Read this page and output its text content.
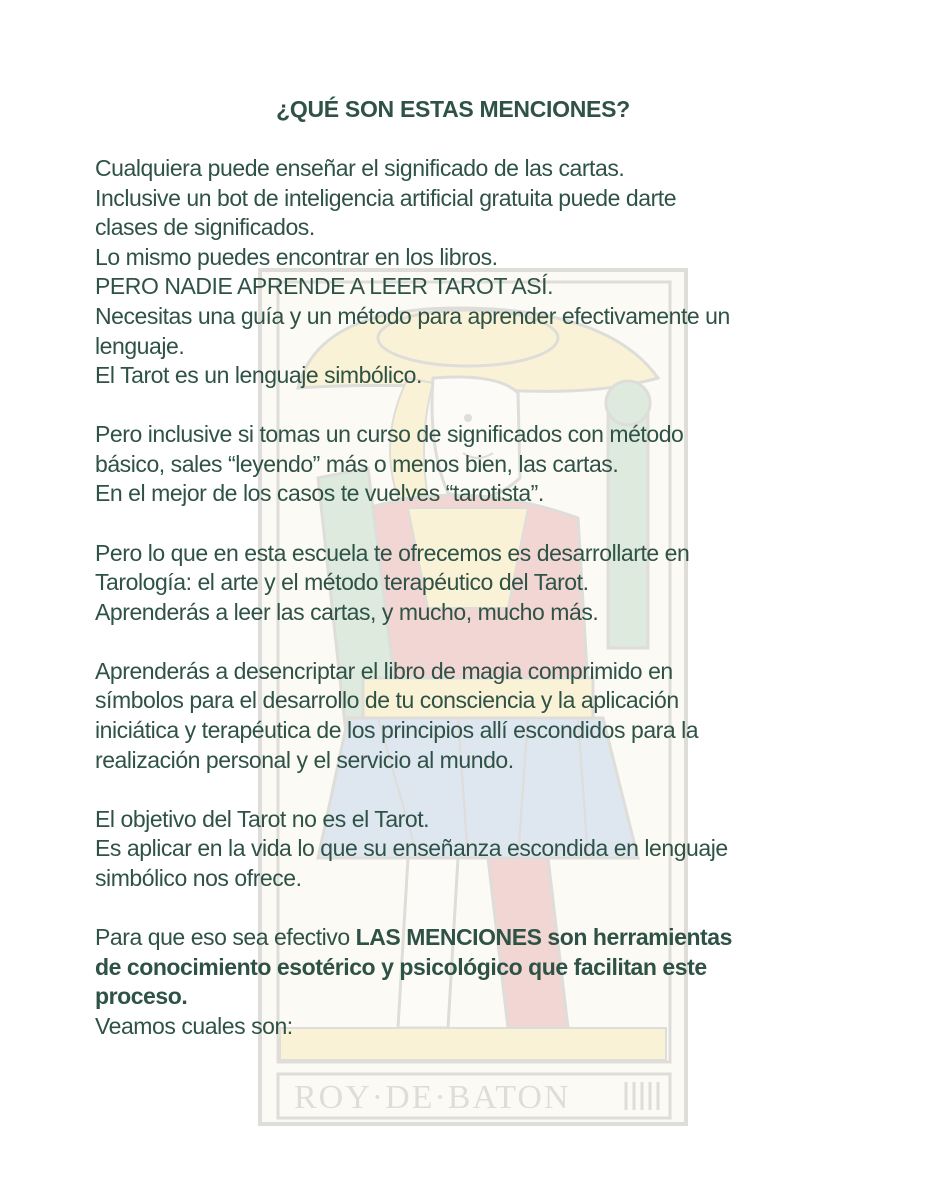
ROY·DE·BATON
¿QUÉ SON ESTAS MENCIONES?
Cualquiera puede enseñar el significado de las cartas.
Inclusive un bot de inteligencia artificial gratuita puede darte
clases de significados.
Lo mismo puedes encontrar en los libros.
PERO NADIE APRENDE A LEER TAROT ASÍ.
Necesitas una guía y un método para aprender efectivamente un
lenguaje.
El Tarot es un lenguaje simbólico.
Pero inclusive si tomas un curso de significados con método
básico, sales “leyendo” más o menos bien, las cartas.
En el mejor de los casos te vuelves “tarotista”.
Pero lo que en esta escuela te ofrecemos es desarrollarte en
Tarología: el arte y el método terapéutico del Tarot.
Aprenderás a leer las cartas, y mucho, mucho más.
Aprenderás a desencriptar el libro de magia comprimido en
símbolos para el desarrollo de tu consciencia y la aplicación
iniciática y terapéutica de los principios allí escondidos para la
realización personal y el servicio al mundo.
El objetivo del Tarot no es el Tarot.
Es aplicar en la vida lo que su enseñanza escondida en lenguaje
simbólico nos ofrece.
Para que eso sea efectivo LAS MENCIONES son herramientas
de conocimiento esotérico y psicológico que facilitan este
proceso.
Veamos cuales son:
